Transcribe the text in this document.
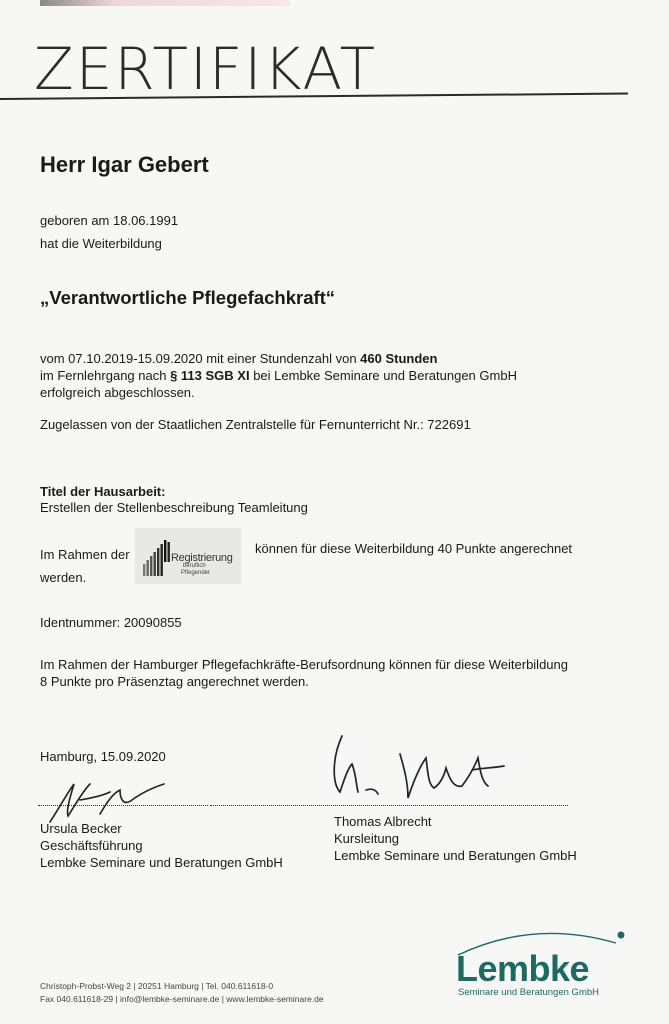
ZERTIFIKAT
Herr Igar Gebert

geboren am 18.06.1991

hat die Weiterbildung

„Verantwortliche Pflegefachkraft“
vom 07.10.2019-15.09.2020 mit einer Stundenzahl von 460 Stunden
im Fernlehrgang nach § 113 SGB XI bei Lembke Seminare und Beratungen GmbH
erfolgreich abgeschlossen.

Zugelassen von der Staatlichen Zentralstelle für Fernunterricht Nr.: 722691

Titel der Hausarbeit:

Erstellen der Stellenbeschreibung Teamleitung

Im Rahmen der	Registrierung
beruflich
Pflegender

können für diese Weiterbildung 40 Punkte angerechnet

werden.

Identnummer: 20090855

Im Rahmen der Hamburger Pflegefachkräfte-Berufsordnung können für diese Weiterbildung

8 Punkte pro Präsenztag angerechnet werden.

Hamburg, 15.09.2020

Ursula Becker
Geschäftsführung
Lembke Seminare und Beratungen GmbH
Thomas Albrecht
Kursleitung
Lembke Seminare und Beratungen GmbH

Christoph-Probst-Weg 2 | 20251 Hamburg | Tel. 040.611618-0

Fax 040.611618-29 | info@lembke-seminare.de | www.lembke-seminare.de

Lembke
Seminare und Beratungen GmbH
